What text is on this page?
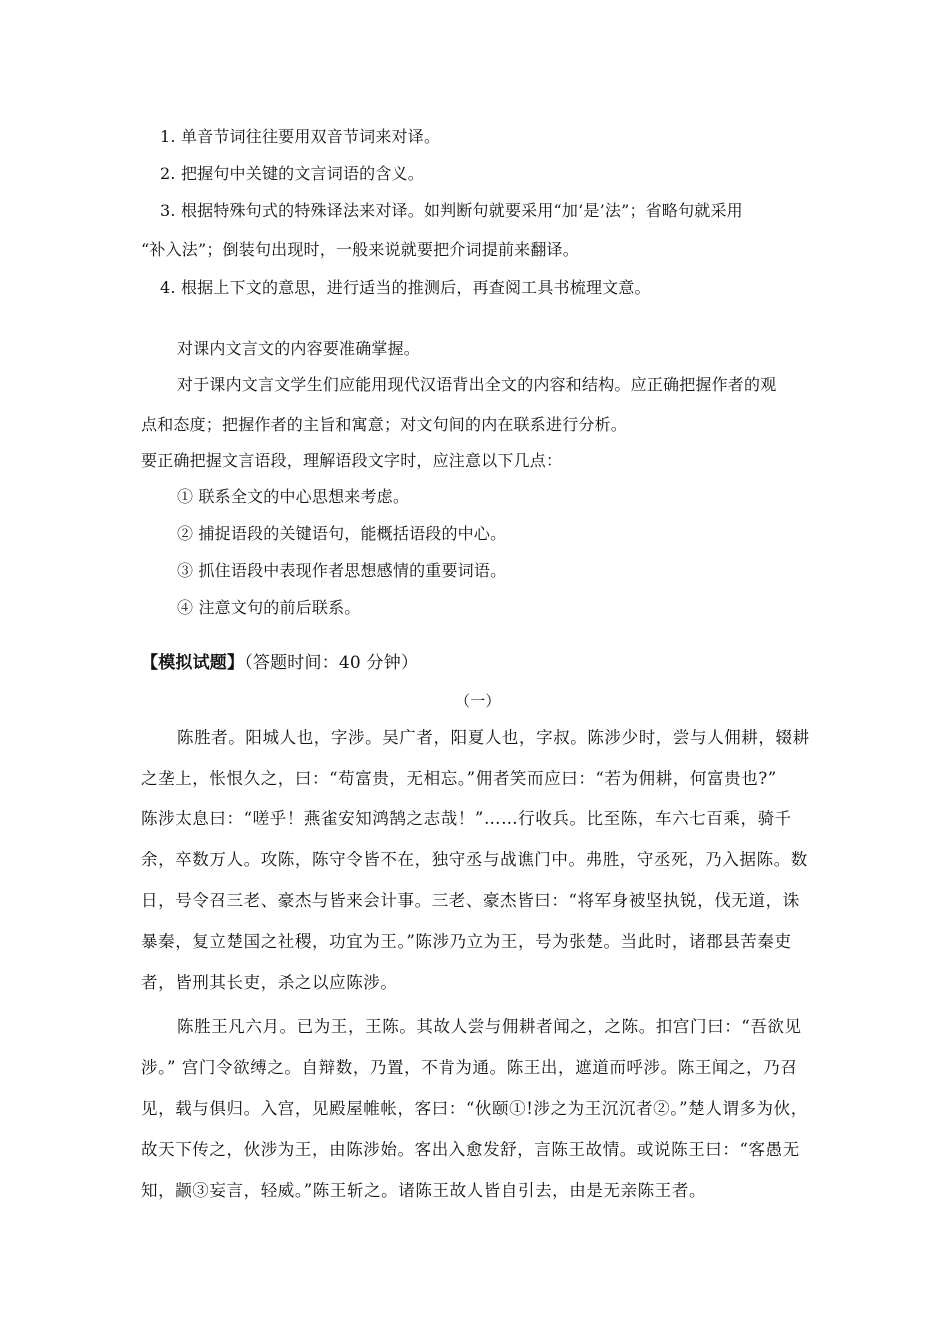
1. 单音节词往往要用双音节词来对译。
2. 把握句中关键的文言词语的含义。
3. 根据特殊句式的特殊译法来对译。如判断句就要采用“加‘是’法”；省略句就采用
“补入法”；倒装句出现时，一般来说就要把介词提前来翻译。
4. 根据上下文的意思，进行适当的推测后，再查阅工具书梳理文意。
对课内文言文的内容要准确掌握。
对于课内文言文学生们应能用现代汉语背出全文的内容和结构。应正确把握作者的观
点和态度；把握作者的主旨和寓意；对文句间的内在联系进行分析。
要正确把握文言语段，理解语段文字时，应注意以下几点：
① 联系全文的中心思想来考虑。
② 捕捉语段的关键语句，能概括语段的中心。
③ 抓住语段中表现作者思想感情的重要词语。
④ 注意文句的前后联系。
【模拟试题】（答题时间：40 分钟）
（一）
陈胜者。阳城人也，字涉。吴广者，阳夏人也，字叔。陈涉少时，尝与人佣耕，辍耕
之垄上，怅恨久之，曰：“苟富贵，无相忘。”佣者笑而应曰：“若为佣耕，何富贵也?”
陈涉太息曰：“嗟乎！燕雀安知鸿鹄之志哉！”……行收兵。比至陈，车六七百乘，骑千
余，卒数万人。攻陈，陈守令皆不在，独守丞与战谯门中。弗胜，守丞死，乃入据陈。数
日，号令召三老、豪杰与皆来会计事。三老、豪杰皆曰：“将军身被坚执锐，伐无道，诛
暴秦，复立楚国之社稷，功宜为王。”陈涉乃立为王，号为张楚。当此时，诸郡县苦秦吏
者，皆刑其长吏，杀之以应陈涉。
陈胜王凡六月。已为王，王陈。其故人尝与佣耕者闻之，之陈。扣宫门曰：“吾欲见
涉。” 宫门令欲缚之。自辩数，乃置，不肯为通。陈王出，遮道而呼涉。陈王闻之，乃召
见，载与俱归。入宫，见殿屋帷帐，客曰：“伙颐①!涉之为王沉沉者②。”楚人谓多为伙，
故天下传之，伙涉为王，由陈涉始。客出入愈发舒，言陈王故情。或说陈王曰：“客愚无
知，颛③妄言，轻威。”陈王斩之。诸陈王故人皆自引去，由是无亲陈王者。
